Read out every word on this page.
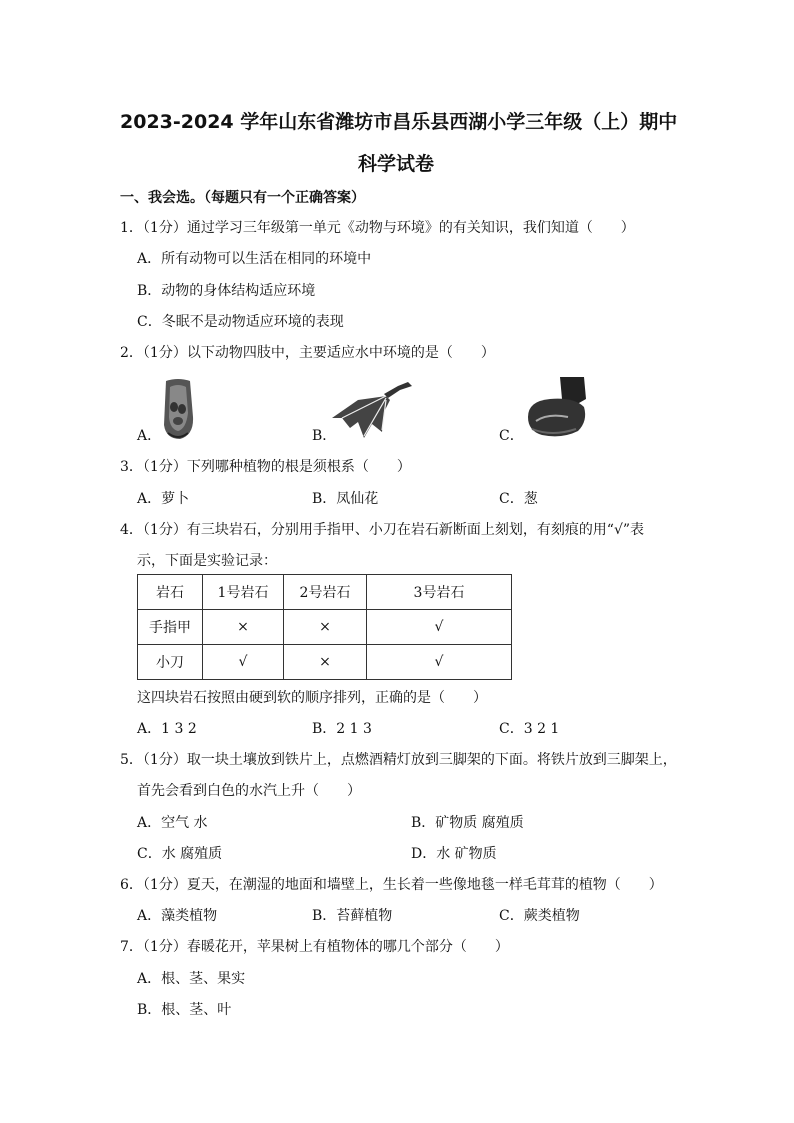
2023-2024 学年山东省潍坊市昌乐县西湖小学三年级（上）期中
科学试卷
一、我会选。（每题只有一个正确答案）
1．（1分）通过学习三年级第一单元《动物与环境》的有关知识，我们知道（　　）
A．所有动物可以生活在相同的环境中
B．动物的身体结构适应环境
C．冬眠不是动物适应环境的表现
2．（1分）以下动物四肢中，主要适应水中环境的是（　　）
A．	B．	C．
3．（1分）下列哪种植物的根是须根系（　　）
A．萝卜	B．凤仙花	C．葱
4．（1分）有三块岩石，分别用手指甲、小刀在岩石新断面上刻划，有刻痕的用“√”表
示，下面是实验记录：
岩石	1号岩石	2号岩石	3号岩石
手指甲	×	×	√
小刀	√	×	√
这四块岩石按照由硬到软的顺序排列，正确的是（　　）
A．1 3 2	B．2 1 3	C．3 2 1
5．（1分）取一块土壤放到铁片上，点燃酒精灯放到三脚架的下面。将铁片放到三脚架上，
首先会看到白色的水汽上升（　　）
A．空气 水	B．矿物质 腐殖质
C．水 腐殖质	D．水 矿物质
6．（1分）夏天，在潮湿的地面和墙壁上，生长着一些像地毯一样毛茸茸的植物（　　）
A．藻类植物	B．苔藓植物	C．蕨类植物
7．（1分）春暖花开，苹果树上有植物体的哪几个部分（　　）
A．根、茎、果实
B．根、茎、叶
